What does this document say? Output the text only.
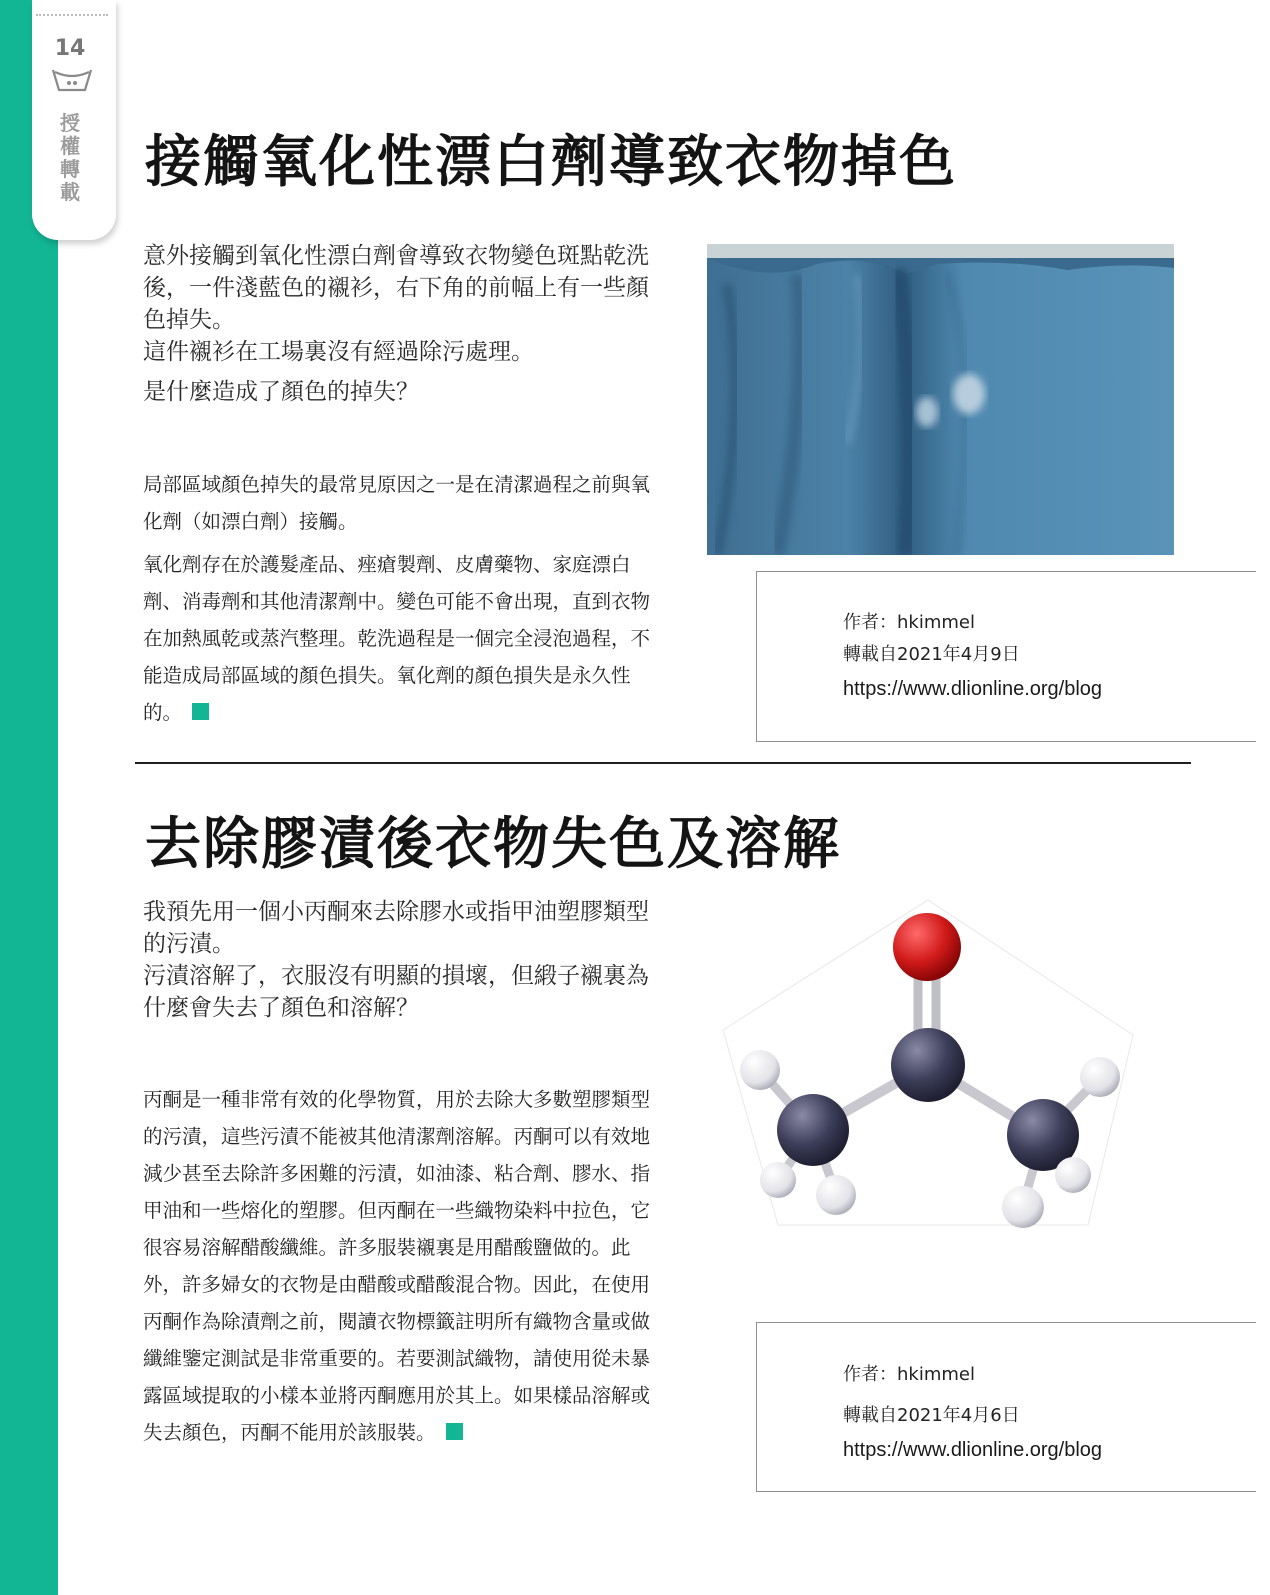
14
授
權
轉
載	接觸氧化性漂白劑導致衣物掉色

意外接觸到氧化性漂白劑會導致衣物變色斑點乾洗後，一件淺藍色的襯衫，右下角的前幅上有一些顏色掉失。

這件襯衫在工場裏沒有經過除污處理。

是什麼造成了顏色的掉失？

局部區域顏色掉失的最常見原因之一是在清潔過程之前與氧化劑（如漂白劑）接觸。

氧化劑存在於護髮產品、痤瘡製劑、皮膚藥物、家庭漂白劑、消毒劑和其他清潔劑中。變色可能不會出現，直到衣物在加熱風乾或蒸汽整理。乾洗過程是一個完全浸泡過程，不能造成局部區域的顏色損失。氧化劑的顏色損失是永久性的。

作者：hkimmel
轉載自2021年4月9日
https://www.dlionline.org/blog
去除膠漬後衣物失色及溶解

我預先用一個小丙酮來去除膠水或指甲油塑膠類型的污漬。

污漬溶解了，衣服沒有明顯的損壞，但緞子襯裏為什麼會失去了顏色和溶解？

丙酮是一種非常有效的化學物質，用於去除大多數塑膠類型的污漬，這些污漬不能被其他清潔劑溶解。丙酮可以有效地減少甚至去除許多困難的污漬，如油漆、粘合劑、膠水、指甲油和一些熔化的塑膠。但丙酮在一些織物染料中拉色，它很容易溶解醋酸纖維。許多服裝襯裏是用醋酸鹽做的。此外，許多婦女的衣物是由醋酸或醋酸混合物。因此，在使用丙酮作為除漬劑之前，閱讀衣物標籤註明所有織物含量或做纖維鑒定測試是非常重要的。若要測試織物，請使用從未暴露區域提取的小樣本並將丙酮應用於其上。如果樣品溶解或失去顏色，丙酮不能用於該服裝。

作者：hkimmel
轉載自2021年4月6日
https://www.dlionline.org/blog
